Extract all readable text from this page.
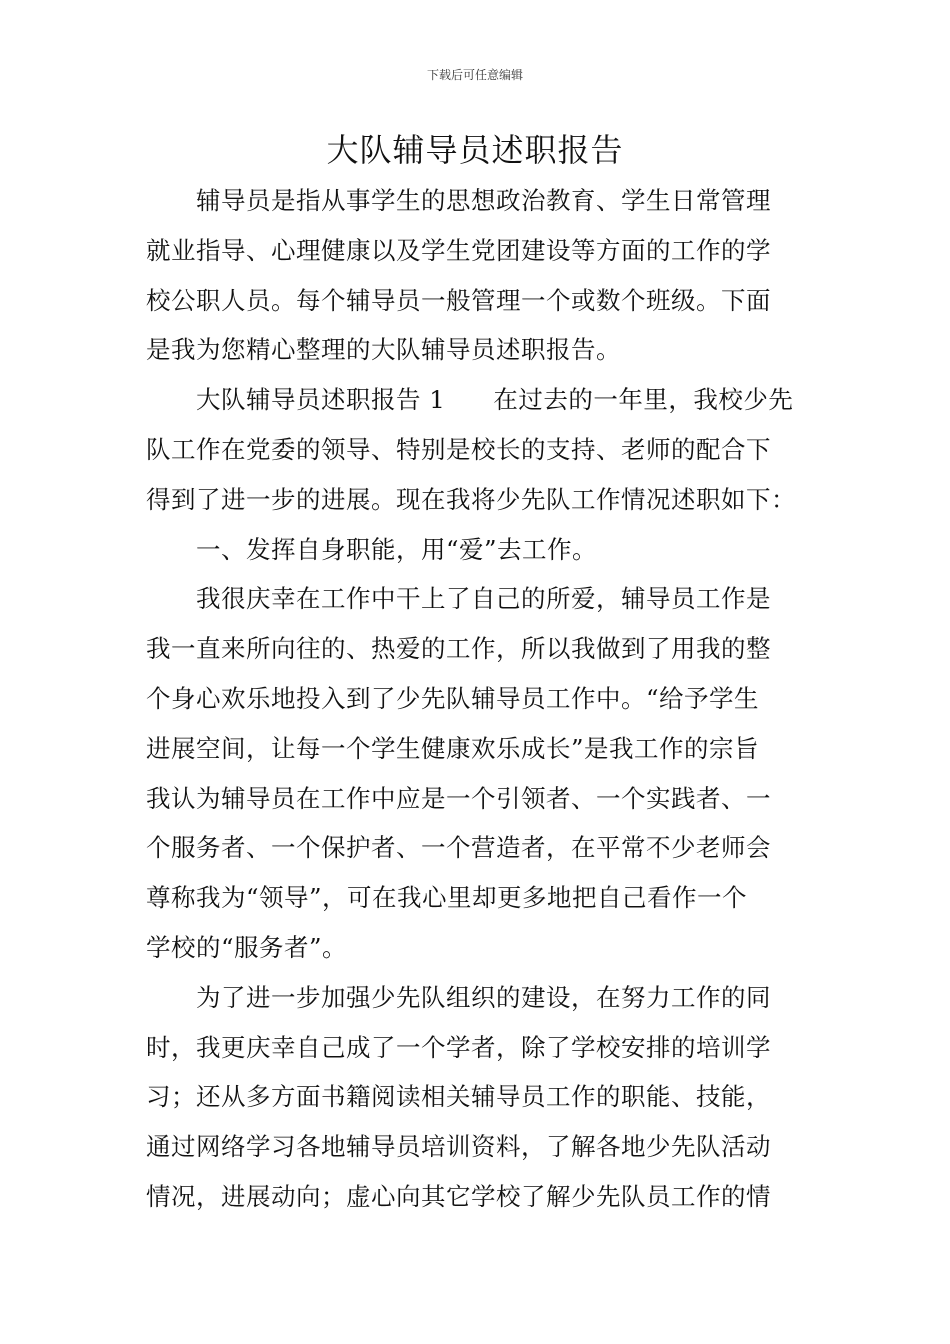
下载后可任意编辑
大队辅导员述职报告
辅导员是指从事学生的思想政治教育、学生日常管理
就业指导、心理健康以及学生党团建设等方面的工作的学
校公职人员。每个辅导员一般管理一个或数个班级。下面
是我为您精心整理的大队辅导员述职报告。
大队辅导员述职报告 1 在过去的一年里，我校少先
队工作在党委的领导、特别是校长的支持、老师的配合下
得到了进一步的进展。现在我将少先队工作情况述职如下：
一、发挥自身职能，用“爱”去工作。
我很庆幸在工作中干上了自己的所爱，辅导员工作是
我一直来所向往的、热爱的工作，所以我做到了用我的整
个身心欢乐地投入到了少先队辅导员工作中。“给予学生
进展空间，让每一个学生健康欢乐成长”是我工作的宗旨
我认为辅导员在工作中应是一个引领者、一个实践者、一
个服务者、一个保护者、一个营造者，在平常不少老师会
尊称我为“领导”，可在我心里却更多地把自己看作一个
学校的“服务者”。
为了进一步加强少先队组织的建设，在努力工作的同
时，我更庆幸自己成了一个学者，除了学校安排的培训学
习；还从多方面书籍阅读相关辅导员工作的职能、技能，
通过网络学习各地辅导员培训资料，了解各地少先队活动
情况，进展动向；虚心向其它学校了解少先队员工作的情
